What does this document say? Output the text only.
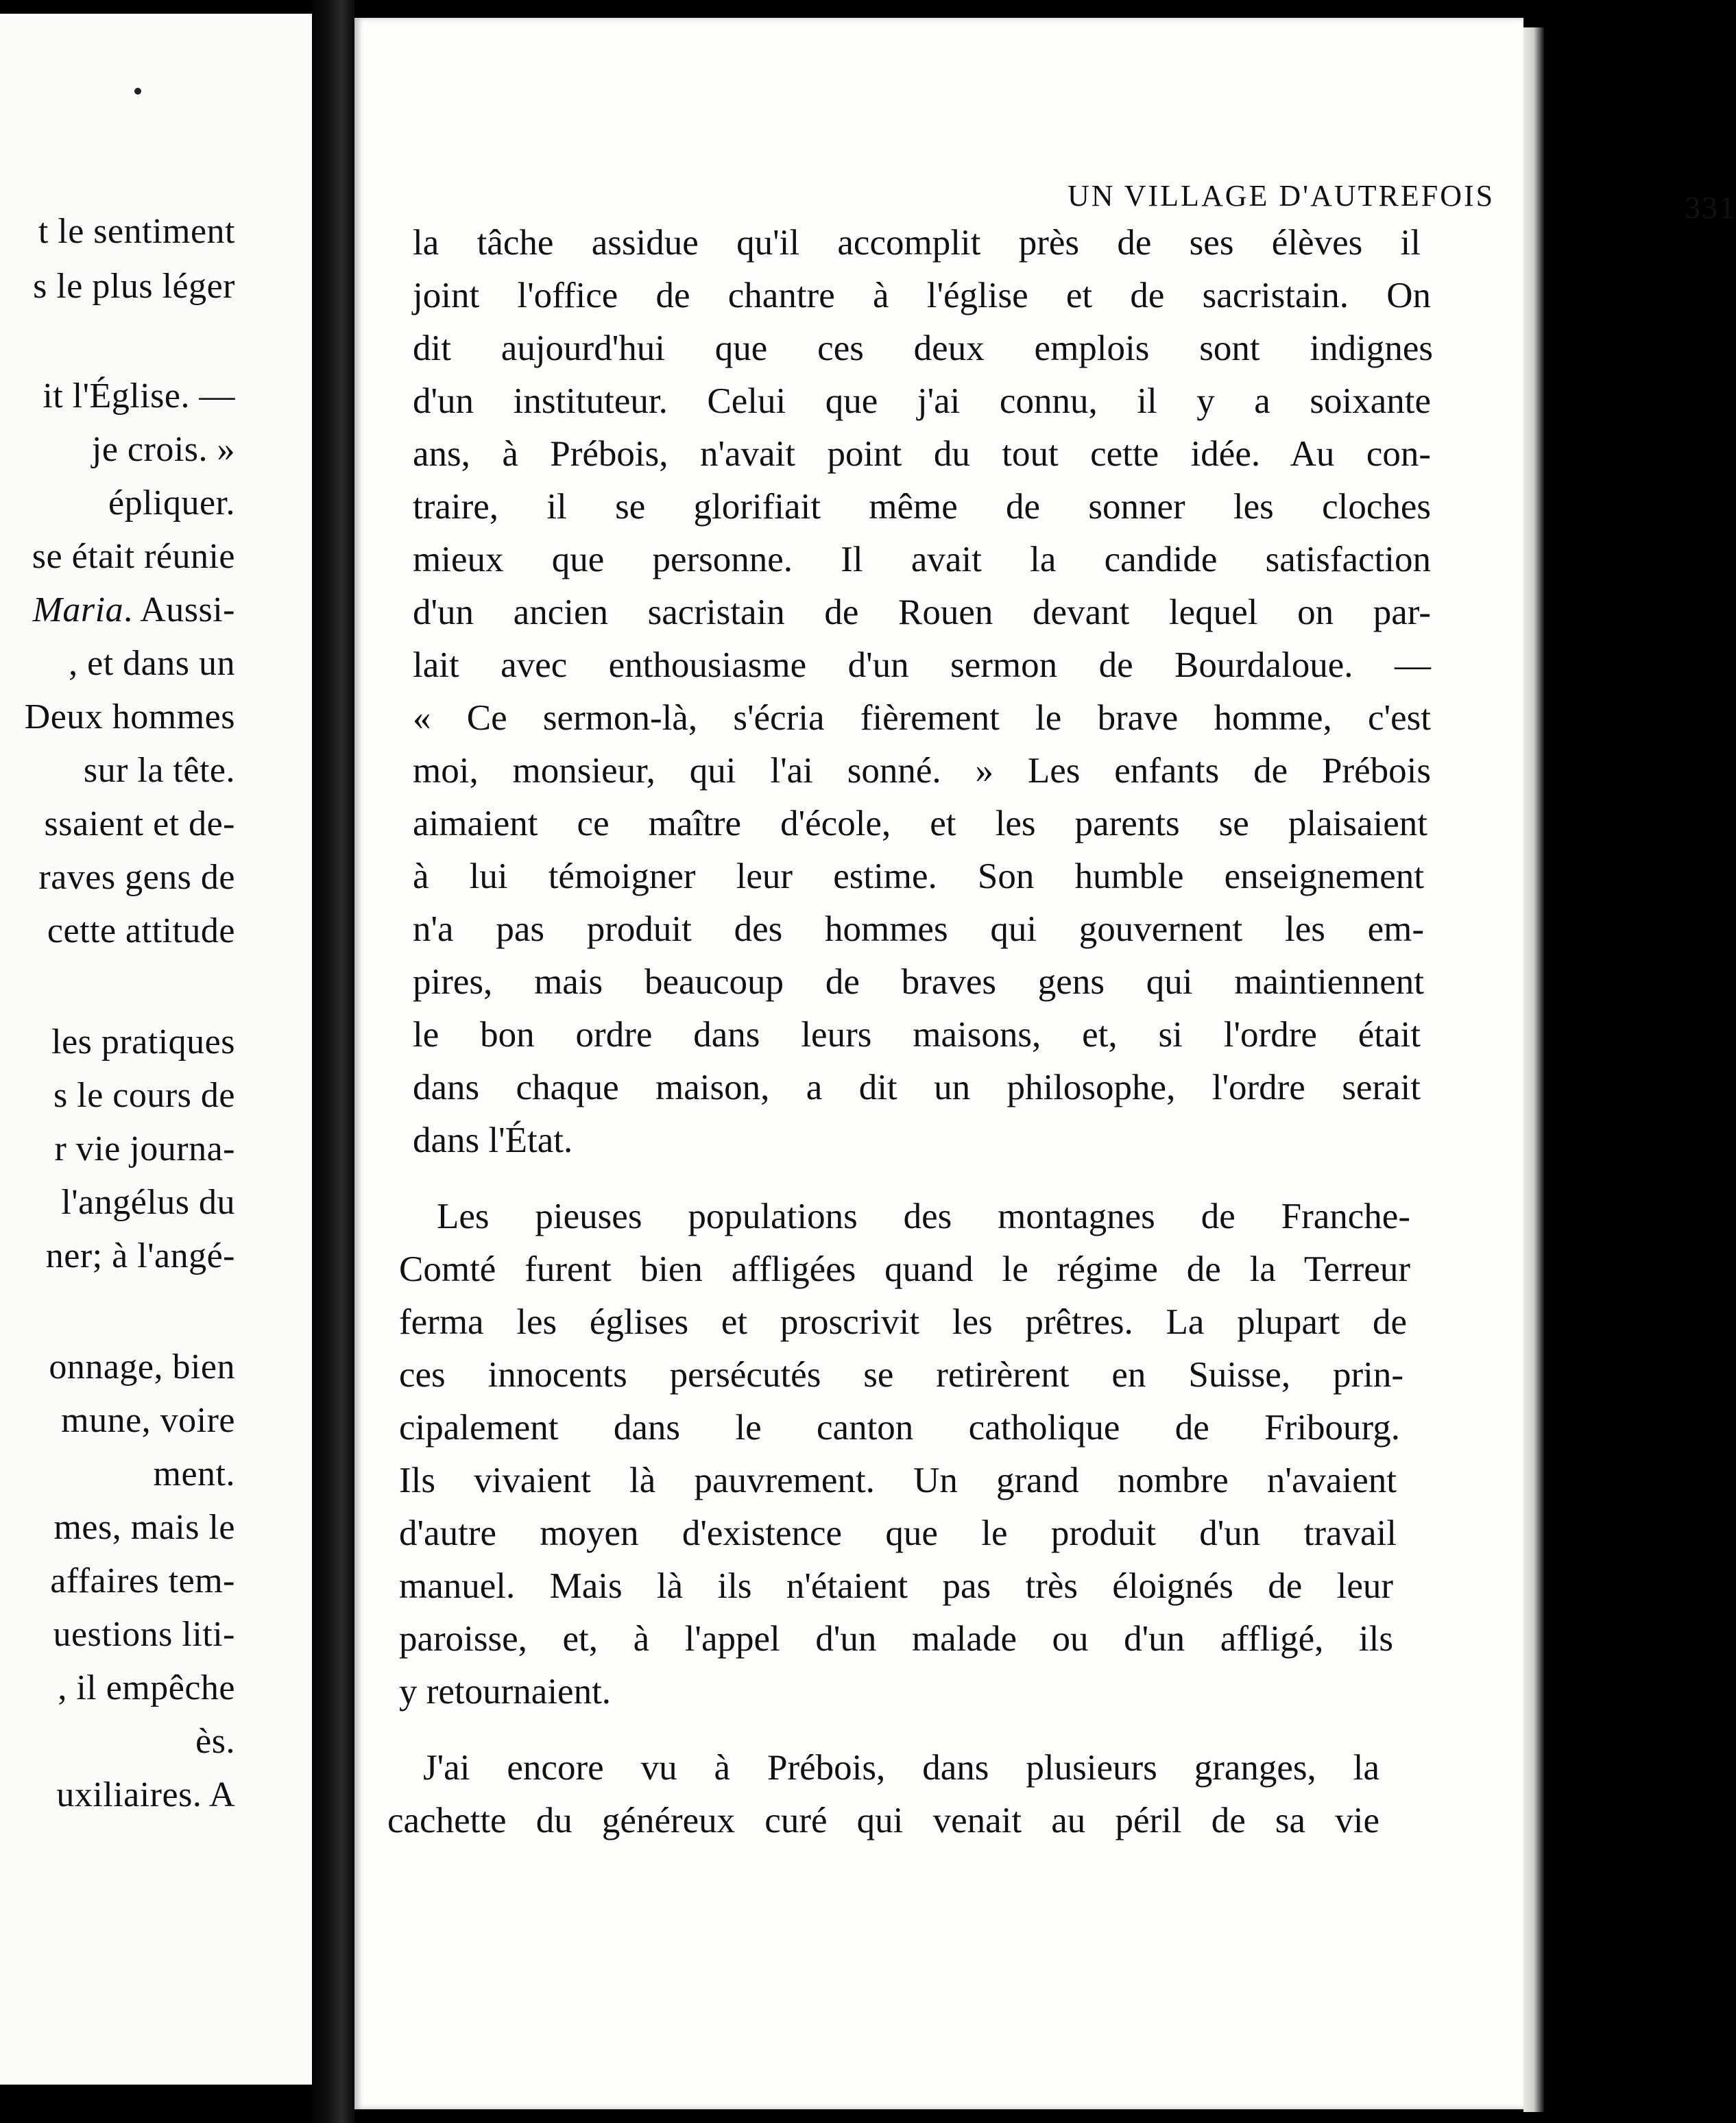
t le sentiment
s le plus léger
it l'Église. —
je crois. »
épliquer.
se était réunie
Maria. Aussi-
, et dans un
Deux hommes
sur la tête.
ssaient et de-
raves gens de
cette attitude
les pratiques
s le cours de
r vie journa-
l'angélus du
ner; à l'angé-
onnage, bien
mune, voire
ment.
mes, mais le
affaires tem-
uestions liti-
, il empêche
ès.
uxiliaires. A
UN VILLAGE D'AUTREFOIS	331
la tâche assidue qu'il accomplit près de ses élèves il
joint l'office de chantre à l'église et de sacristain. On
dit aujourd'hui que ces deux emplois sont indignes
d'un instituteur. Celui que j'ai connu, il y a soixante
ans, à Prébois, n'avait point du tout cette idée. Au con-
traire, il se glorifiait même de sonner les cloches
mieux que personne. Il avait la candide satisfaction
d'un ancien sacristain de Rouen devant lequel on par-
lait avec enthousiasme d'un sermon de Bourdaloue. —
« Ce sermon-là, s'écria fièrement le brave homme, c'est
moi, monsieur, qui l'ai sonné. » Les enfants de Prébois
aimaient ce maître d'école, et les parents se plaisaient
à lui témoigner leur estime. Son humble enseignement
n'a pas produit des hommes qui gouvernent les em-
pires, mais beaucoup de braves gens qui maintiennent
le bon ordre dans leurs maisons, et, si l'ordre était
dans chaque maison, a dit un philosophe, l'ordre serait
dans l'État.
Les pieuses populations des montagnes de Franche-
Comté furent bien affligées quand le régime de la Terreur
ferma les églises et proscrivit les prêtres. La plupart de
ces innocents persécutés se retirèrent en Suisse, prin-
cipalement dans le canton catholique de Fribourg.
Ils vivaient là pauvrement. Un grand nombre n'avaient
d'autre moyen d'existence que le produit d'un travail
manuel. Mais là ils n'étaient pas très éloignés de leur
paroisse, et, à l'appel d'un malade ou d'un affligé, ils
y retournaient.
J'ai encore vu à Prébois, dans plusieurs granges, la
cachette du généreux curé qui venait au péril de sa vie
